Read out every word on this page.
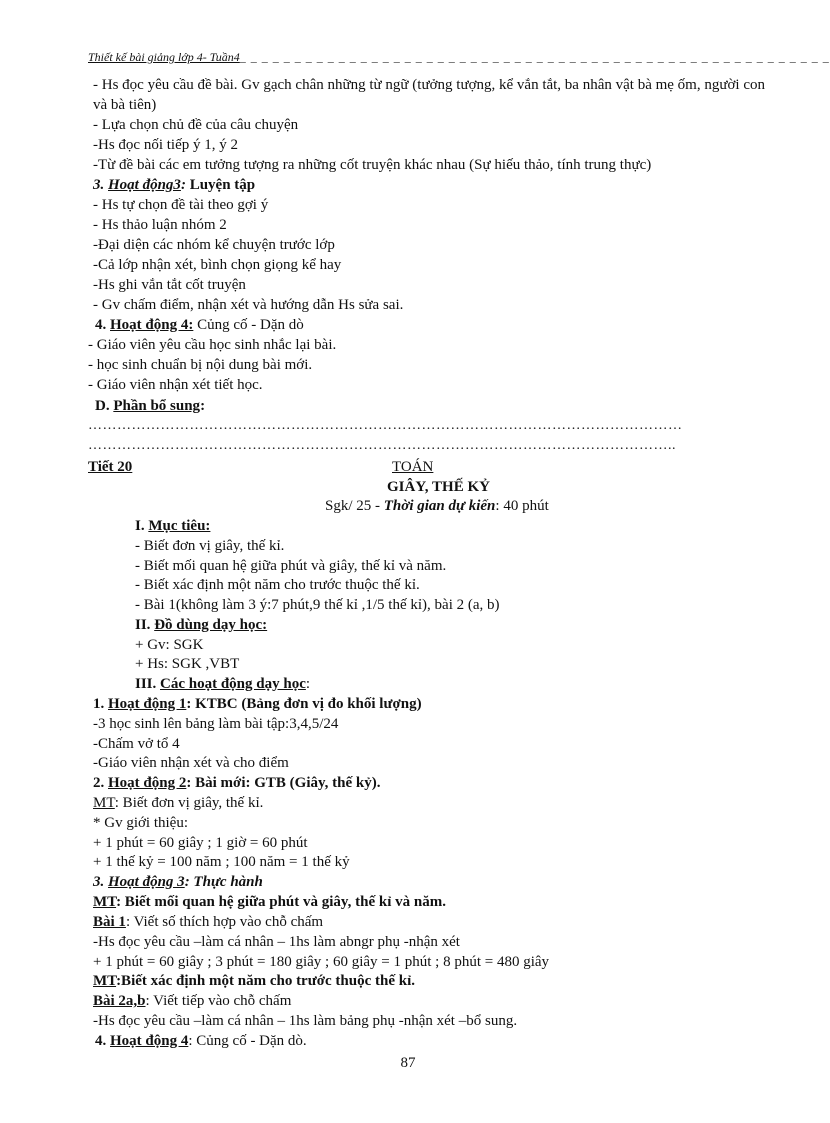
Thiết kế bài giảng lớp 4- Tuần4_ _ _ _ _ _ _ _ _ _ _ _ _ _ _ _ _ _ _ _ _ _ _ _ _ _ _ _ _ _ _ _ _ _ _ _ _ _ _ _ _ _ _ _ _ _ _ _ _ _ _ _ _ _
- Hs đọc yêu cầu đề bài. Gv gạch chân những từ ngữ (tưởng tượng, kể vắn tắt, ba nhân vật bà mẹ ốm, người con và bà tiên)
- Lựa chọn chủ đề của câu chuyện
-Hs đọc nối tiếp ý 1, ý 2
-Từ đề bài các em tưởng tượng ra những cốt truyện khác nhau (Sự hiếu thảo, tính trung thực)
3. Hoạt động3: Luyện tập
- Hs tự chọn đề tài theo gợi ý
- Hs thảo luận nhóm 2
-Đại diện các nhóm kể chuyện trước lớp
-Cả lớp nhận xét, bình chọn giọng kể hay
-Hs ghi vắn tắt cốt truyện
- Gv chấm điểm, nhận xét và hướng dẫn Hs sửa sai.
4. Hoạt động 4: Củng cố - Dặn dò
- Giáo viên yêu cầu học sinh nhắc lại bài.
- học sinh chuẩn bị nội dung bài mới.
- Giáo viên nhận xét tiết học.
D. Phần bổ sung:
……………………………………………………………………………………………………………
…………………………………………………………………………………………………………..
Tiết 20	TOÁN
GIÂY, THẾ KỶ
Sgk/ 25 - Thời gian dự kiến: 40 phút
I. Mục tiêu:
- Biết đơn vị giây, thế kỉ.
- Biết mối quan hệ giữa phút và giây, thế kỉ và năm.
- Biết xác định một năm cho trước thuộc thế kỉ.
- Bài 1(không làm 3 ý:7 phút,9 thế kỉ ,1/5 thế kỉ), bài 2 (a, b)
II. Đồ dùng dạy học:
+ Gv: SGK
+ Hs: SGK ,VBT
III. Các hoạt động dạy học:
1. Hoạt động 1: KTBC (Bảng đơn vị đo khối lượng)
-3 học sinh lên bảng làm bài tập:3,4,5/24
-Chấm vở tổ 4
-Giáo viên nhận xét và cho điểm
2. Hoạt động 2: Bài mới: GTB (Giây, thế kỷ).
MT: Biết đơn vị giây, thế kỉ.
* Gv giới thiệu:
+ 1 phút = 60 giây ; 1 giờ = 60 phút
+ 1 thế kỷ = 100 năm ; 100 năm = 1 thế kỷ
3. Hoạt động 3: Thực hành
MT: Biết mối quan hệ giữa phút và giây, thế kỉ và năm.
Bài 1: Viết số thích hợp vào chỗ chấm
-Hs đọc yêu cầu –làm cá nhân – 1hs làm abngr phụ -nhận xét
+ 1 phút = 60 giây ; 3 phút = 180 giây ; 60 giây = 1 phút ; 8 phút = 480 giây
MT:Biết xác định một năm cho trước thuộc thế kỉ.
Bài 2a,b: Viết tiếp vào chỗ chấm
-Hs đọc yêu cầu –làm cá nhân – 1hs làm bảng phụ -nhận xét –bổ sung.
4. Hoạt động 4: Củng cố - Dặn dò.
87
